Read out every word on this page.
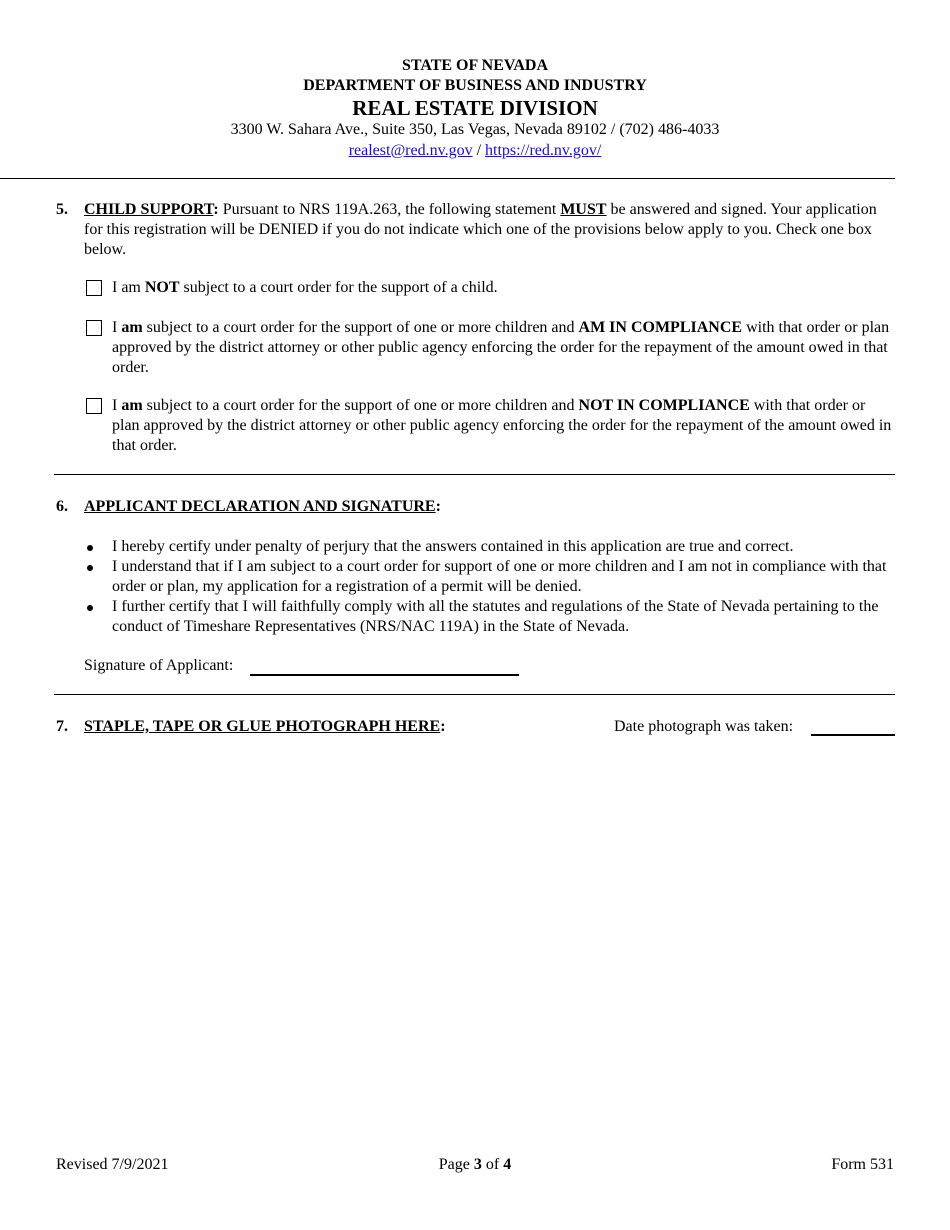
STATE OF NEVADA
DEPARTMENT OF BUSINESS AND INDUSTRY
REAL ESTATE DIVISION
3300 W. Sahara Ave., Suite 350, Las Vegas, Nevada 89102 / (702) 486-4033
realest@red.nv.gov / https://red.nv.gov/
5. CHILD SUPPORT: Pursuant to NRS 119A.263, the following statement MUST be answered and signed. Your application for this registration will be DENIED if you do not indicate which one of the provisions below apply to you. Check one box below.
I am NOT subject to a court order for the support of a child.
I am subject to a court order for the support of one or more children and AM IN COMPLIANCE with that order or plan approved by the district attorney or other public agency enforcing the order for the repayment of the amount owed in that order.
I am subject to a court order for the support of one or more children and NOT IN COMPLIANCE with that order or plan approved by the district attorney or other public agency enforcing the order for the repayment of the amount owed in that order.
6. APPLICANT DECLARATION AND SIGNATURE:
I hereby certify under penalty of perjury that the answers contained in this application are true and correct.
I understand that if I am subject to a court order for support of one or more children and I am not in compliance with that order or plan, my application for a registration of a permit will be denied.
I further certify that I will faithfully comply with all the statutes and regulations of the State of Nevada pertaining to the conduct of Timeshare Representatives (NRS/NAC 119A) in the State of Nevada.
Signature of Applicant:
7. STAPLE, TAPE OR GLUE PHOTOGRAPH HERE:	Date photograph was taken:
Revised 7/9/2021	Page 3 of 4	Form 531
